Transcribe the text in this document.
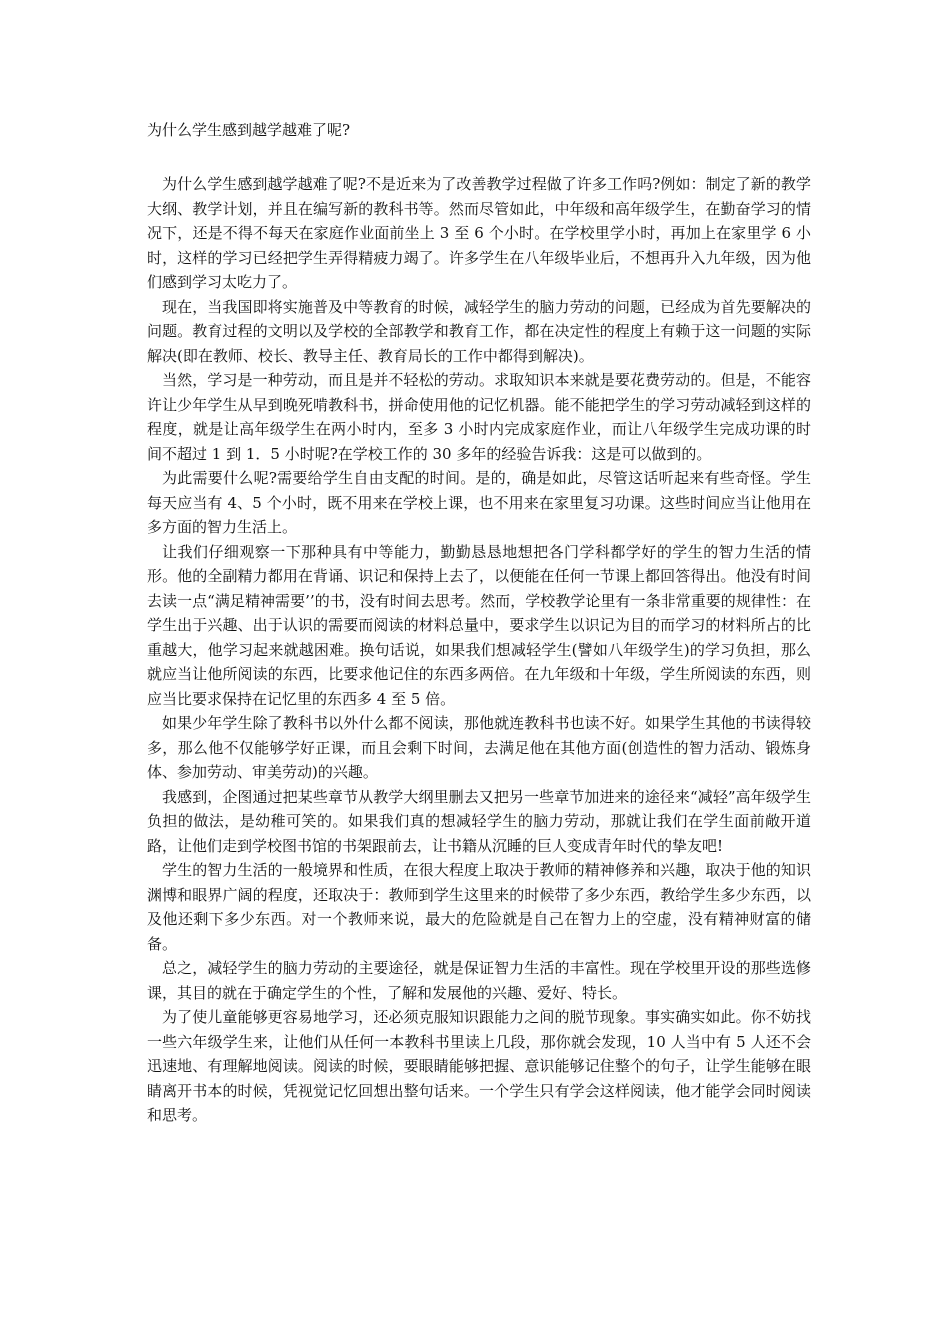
为什么学生感到越学越难了呢?

为什么学生感到越学越难了呢?不是近来为了改善教学过程做了许多工作吗?例如：制定了新的教学大纲、教学计划，并且在编写新的教科书等。然而尽管如此，中年级和高年级学生，在勤奋学习的情况下，还是不得不每天在家庭作业面前坐上 3 至 6 个小时。在学校里学小时，再加上在家里学 6 小时，这样的学习已经把学生弄得精疲力竭了。许多学生在八年级毕业后，不想再升入九年级，因为他们感到学习太吃力了。

现在，当我国即将实施普及中等教育的时候，减轻学生的脑力劳动的问题，已经成为首先要解决的问题。教育过程的文明以及学校的全部教学和教育工作，都在决定性的程度上有赖于这一问题的实际解决(即在教师、校长、教导主任、教育局长的工作中都得到解决)。

当然，学习是一种劳动，而且是并不轻松的劳动。求取知识本来就是要花费劳动的。但是，不能容许让少年学生从早到晚死啃教科书，拼命使用他的记忆机器。能不能把学生的学习劳动减轻到这样的程度，就是让高年级学生在两小时内，至多 3 小时内完成家庭作业，而让八年级学生完成功课的时间不超过 1 到 1．5 小时呢?在学校工作的 30 多年的经验告诉我：这是可以做到的。

为此需要什么呢?需要给学生自由支配的时间。是的，确是如此，尽管这话听起来有些奇怪。学生每天应当有 4、5 个小时，既不用来在学校上课，也不用来在家里复习功课。这些时间应当让他用在多方面的智力生活上。

让我们仔细观察一下那种具有中等能力，勤勤恳恳地想把各门学科都学好的学生的智力生活的情形。他的全副精力都用在背诵、识记和保持上去了，以便能在任何一节课上都回答得出。他没有时间去读一点“满足精神需要’’的书，没有时间去思考。然而，学校教学论里有一条非常重要的规律性：在学生出于兴趣、出于认识的需要而阅读的材料总量中，要求学生以识记为目的而学习的材料所占的比重越大，他学习起来就越困难。换句话说，如果我们想减轻学生(譬如八年级学生)的学习负担，那么就应当让他所阅读的东西，比要求他记住的东西多两倍。在九年级和十年级，学生所阅读的东西，则应当比要求保持在记忆里的东西多 4 至 5 倍。

如果少年学生除了教科书以外什么都不阅读，那他就连教科书也读不好。如果学生其他的书读得较多，那么他不仅能够学好正课，而且会剩下时间，去满足他在其他方面(创造性的智力活动、锻炼身体、参加劳动、审美劳动)的兴趣。

我感到，企图通过把某些章节从教学大纲里删去又把另一些章节加进来的途径来“减轻”高年级学生负担的做法，是幼稚可笑的。如果我们真的想减轻学生的脑力劳动，那就让我们在学生面前敞开道路，让他们走到学校图书馆的书架跟前去，让书籍从沉睡的巨人变成青年时代的挚友吧!

学生的智力生活的一般境界和性质，在很大程度上取决于教师的精神修养和兴趣，取决于他的知识渊博和眼界广阔的程度，还取决于：教师到学生这里来的时候带了多少东西，教给学生多少东西，以及他还剩下多少东西。对一个教师来说，最大的危险就是自己在智力上的空虚，没有精神财富的储备。

总之，减轻学生的脑力劳动的主要途径，就是保证智力生活的丰富性。现在学校里开设的那些选修课，其目的就在于确定学生的个性，了解和发展他的兴趣、爱好、特长。

为了使儿童能够更容易地学习，还必须克服知识跟能力之间的脱节现象。事实确实如此。你不妨找一些六年级学生来，让他们从任何一本教科书里读上几段，那你就会发现，10 人当中有 5 人还不会迅速地、有理解地阅读。阅读的时候，要眼睛能够把握、意识能够记住整个的句子，让学生能够在眼睛离开书本的时候，凭视觉记忆回想出整句话来。一个学生只有学会这样阅读，他才能学会同时阅读和思考。
